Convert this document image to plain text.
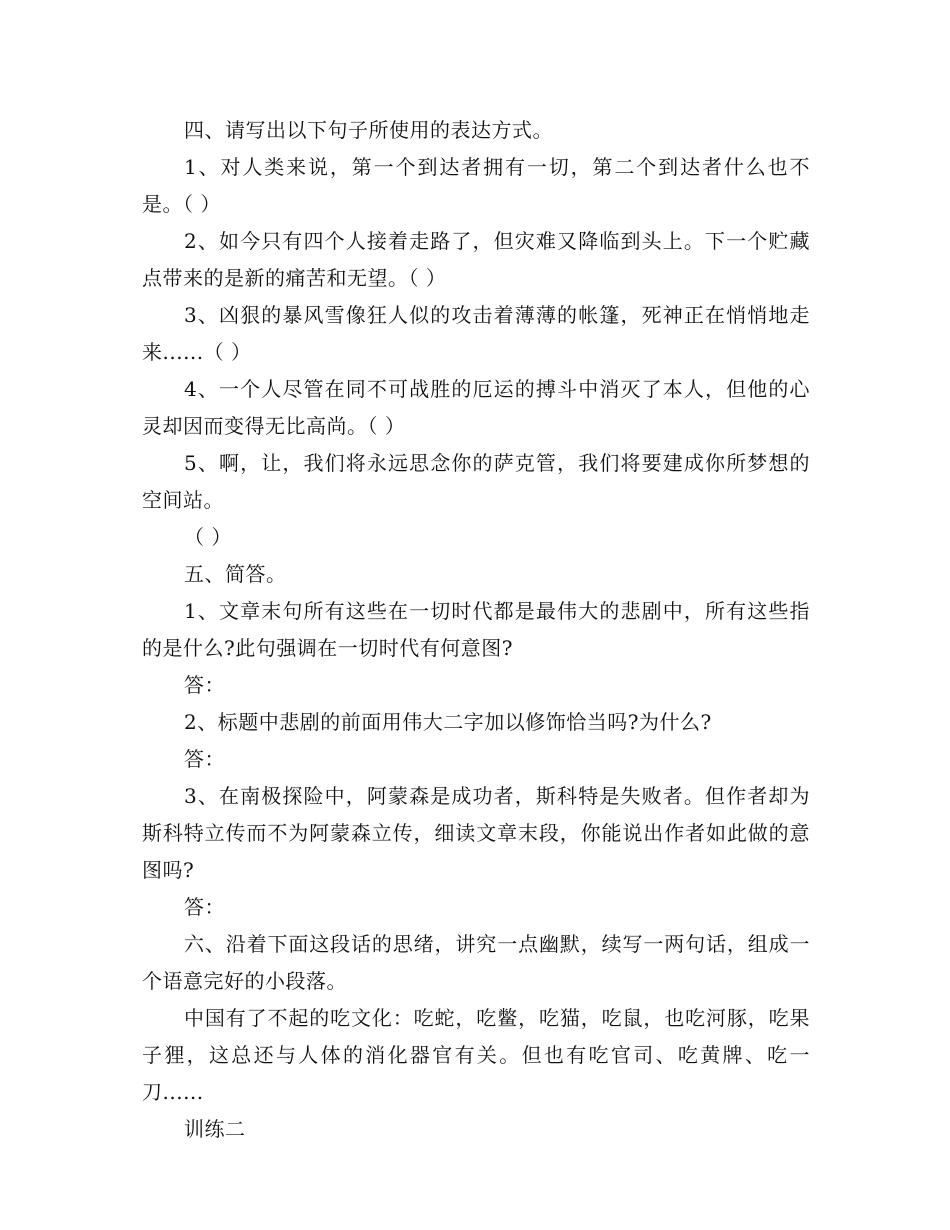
四、请写出以下句子所使用的表达方式。

1、对人类来说，第一个到达者拥有一切，第二个到达者什么也不是。（ ）

2、如今只有四个人接着走路了，但灾难又降临到头上。下一个贮藏点带来的是新的痛苦和无望。（ ）

3、凶狠的暴风雪像狂人似的攻击着薄薄的帐篷，死神正在悄悄地走来......（ ）

4、一个人尽管在同不可战胜的厄运的搏斗中消灭了本人，但他的心灵却因而变得无比高尚。（ ）

5、啊，让，我们将永远思念你的萨克管，我们将要建成你所梦想的空间站。

（ ）

五、简答。

1、文章末句所有这些在一切时代都是最伟大的悲剧中，所有这些指的是什么?此句强调在一切时代有何意图?

答：

2、标题中悲剧的前面用伟大二字加以修饰恰当吗?为什么?

答：

3、在南极探险中，阿蒙森是成功者，斯科特是失败者。但作者却为斯科特立传而不为阿蒙森立传，细读文章末段，你能说出作者如此做的意图吗?

答：

六、沿着下面这段话的思绪，讲究一点幽默，续写一两句话，组成一个语意完好的小段落。

中国有了不起的吃文化：吃蛇，吃鳖，吃猫，吃鼠，也吃河豚，吃果子狸，这总还与人体的消化器官有关。但也有吃官司、吃黄牌、吃一刀......

训练二
